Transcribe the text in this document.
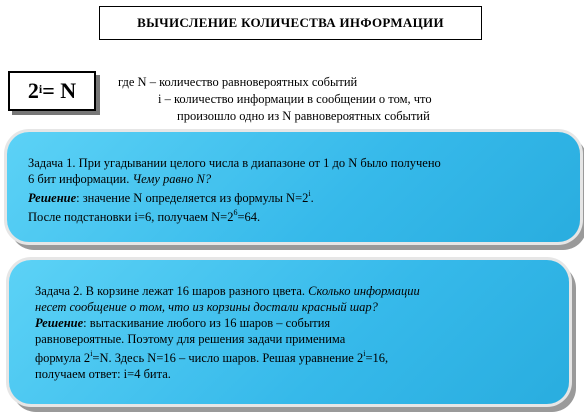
ВЫЧИСЛЕНИЕ КОЛИЧЕСТВА ИНФОРМАЦИИ
$2^i = N$	где N – количество равновероятных событий
i – количество информации в сообщении о том, что
произошло одно из N равновероятных событий
Задача 1. При угадывании целого числа в диапазоне от 1 до N было получено
6 бит информации. Чему равно N?
Решение: значение N определяется из формулы $N=2^i$.
После подстановки i=6, получаем $N=2^6=64$.
Задача 2. В корзине лежат 16 шаров разного цвета. Сколько информации
несет сообщение о том, что из корзины достали красный шар?
Решение: вытаскивание любого из 16 шаров – события
равновероятные. Поэтому для решения задачи применима
формула $2^i=N$. Здесь N=16 – число шаров. Решая уравнение $2^i=16$,
получаем ответ: i=4 бита.
